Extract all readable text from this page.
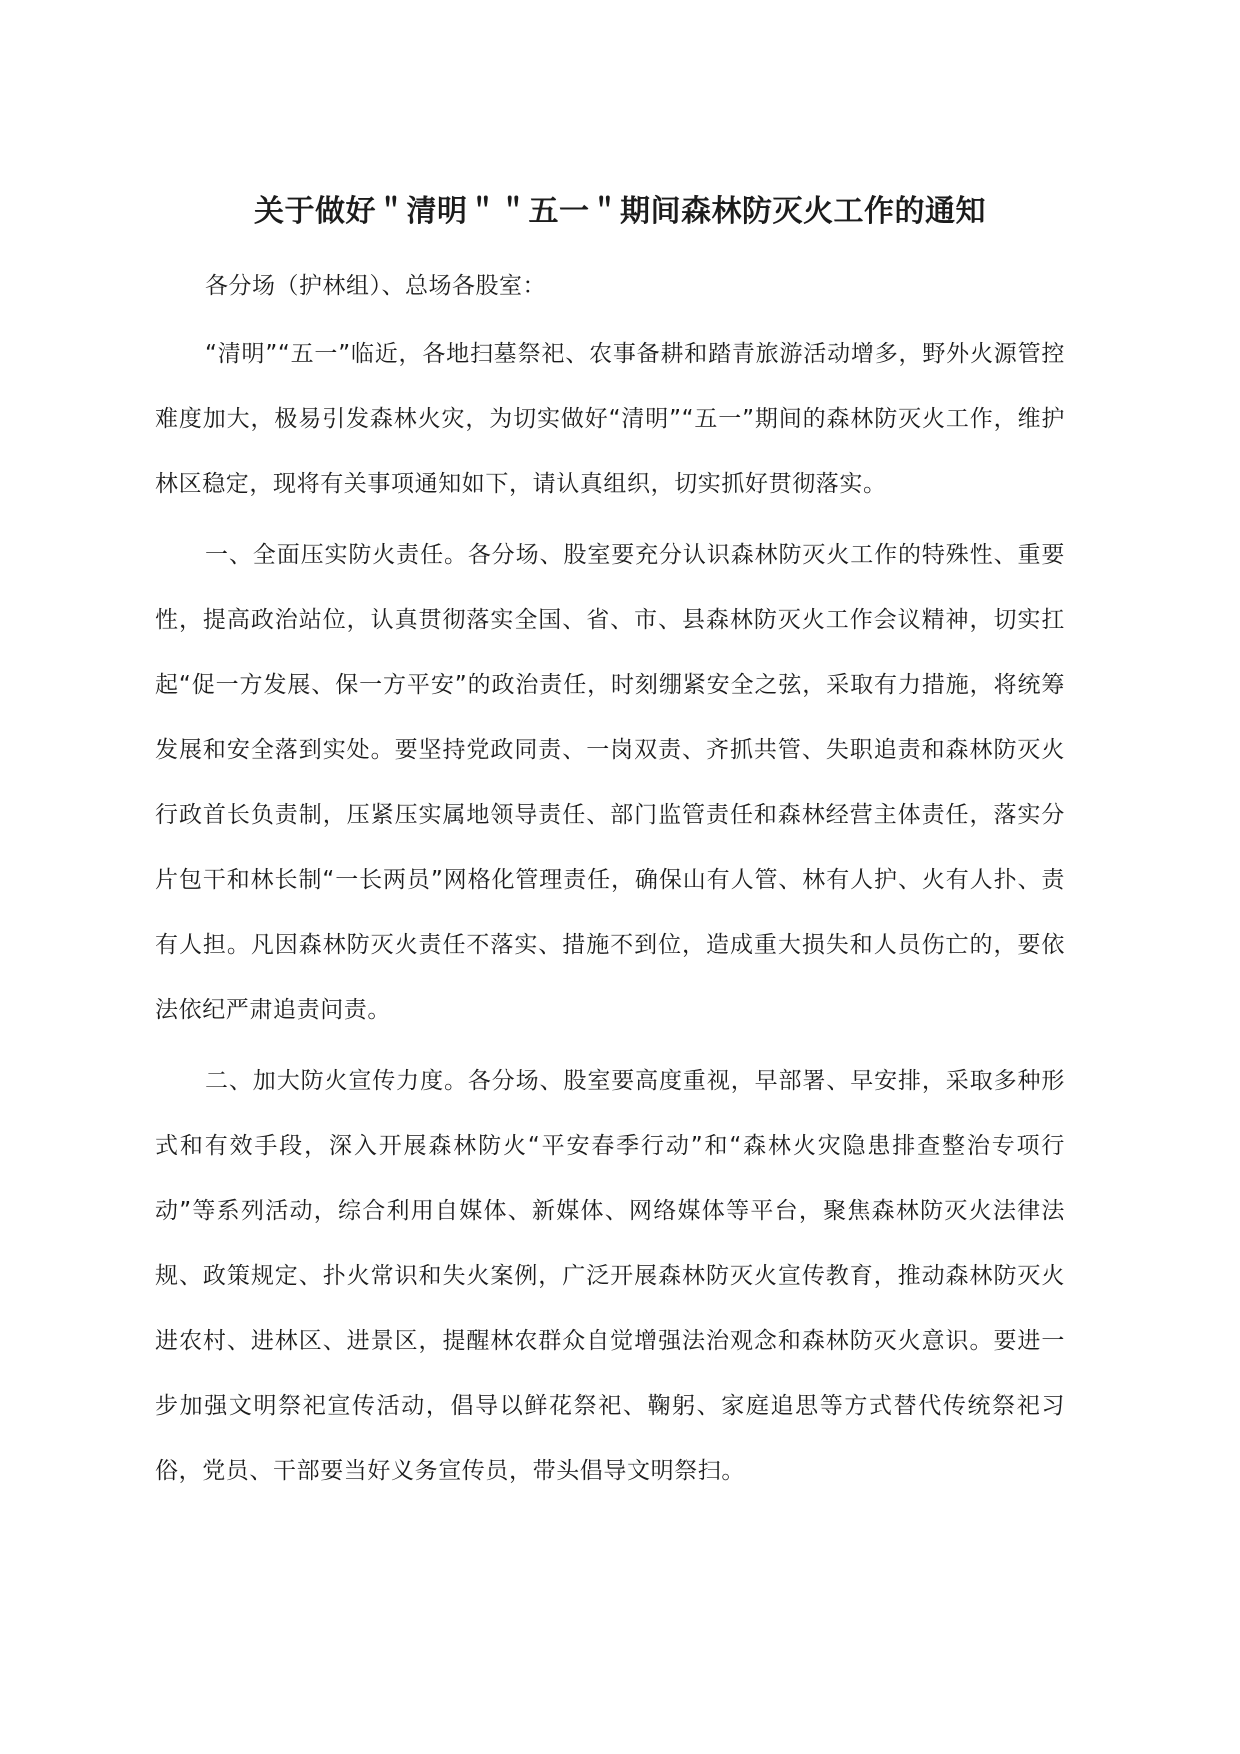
关于做好＂清明＂＂五一＂期间森林防灭火工作的通知

各分场（护林组）、总场各股室：

“清明”“五一”临近，各地扫墓祭祀、农事备耕和踏青旅游活动增多，野外火源管控难度加大，极易引发森林火灾，为切实做好“清明”“五一”期间的森林防灭火工作，维护林区稳定，现将有关事项通知如下，请认真组织，切实抓好贯彻落实。

一、全面压实防火责任。各分场、股室要充分认识森林防灭火工作的特殊性、重要性，提高政治站位，认真贯彻落实全国、省、市、县森林防灭火工作会议精神，切实扛起“促一方发展、保一方平安”的政治责任，时刻绷紧安全之弦，采取有力措施，将统筹发展和安全落到实处。要坚持党政同责、一岗双责、齐抓共管、失职追责和森林防灭火行政首长负责制，压紧压实属地领导责任、部门监管责任和森林经营主体责任，落实分片包干和林长制“一长两员”网格化管理责任，确保山有人管、林有人护、火有人扑、责有人担。凡因森林防灭火责任不落实、措施不到位，造成重大损失和人员伤亡的，要依法依纪严肃追责问责。

二、加大防火宣传力度。各分场、股室要高度重视，早部署、早安排，采取多种形式和有效手段，深入开展森林防火“平安春季行动”和“森林火灾隐患排查整治专项行动”等系列活动，综合利用自媒体、新媒体、网络媒体等平台，聚焦森林防灭火法律法规、政策规定、扑火常识和失火案例，广泛开展森林防灭火宣传教育，推动森林防灭火进农村、进林区、进景区，提醒林农群众自觉增强法治观念和森林防灭火意识。要进一步加强文明祭祀宣传活动，倡导以鲜花祭祀、鞠躬、家庭追思等方式替代传统祭祀习俗，党员、干部要当好义务宣传员，带头倡导文明祭扫。
